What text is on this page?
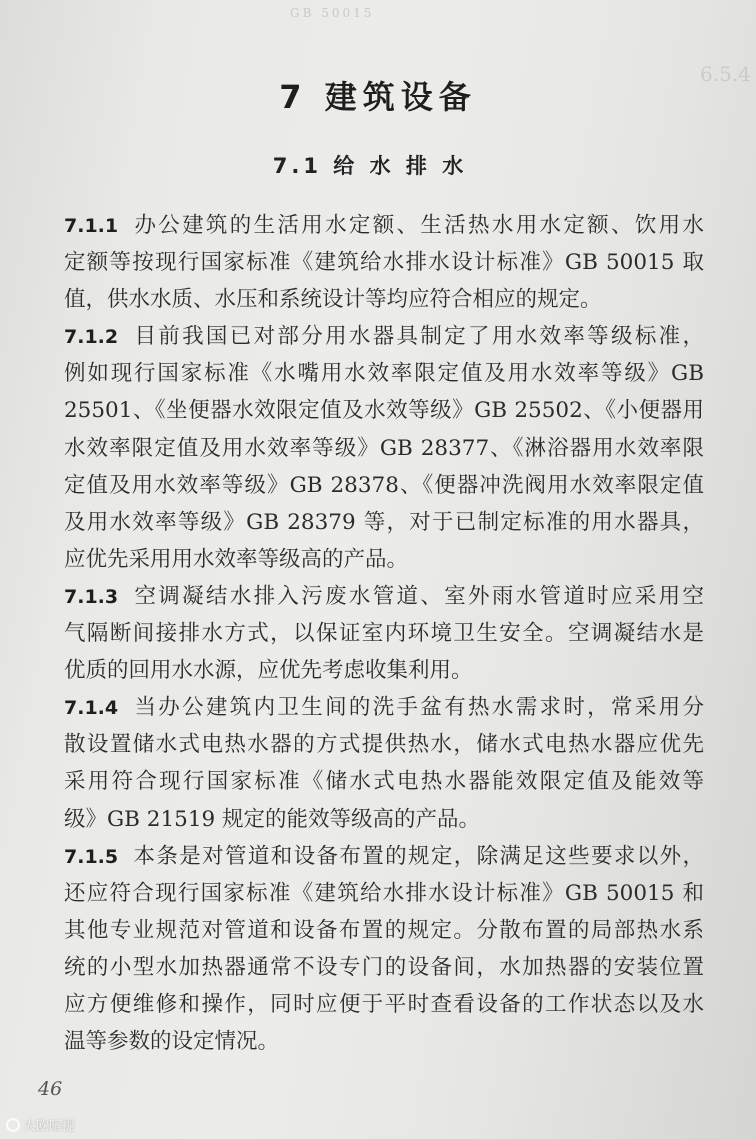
GB 50015
6.5.4
7 建筑设备
7.1 给 水 排 水
7.1.1 办公建筑的生活用水定额、生活热水用水定额、饮用水
定额等按现行国家标准《建筑给水排水设计标准》GB 50015 取
值，供水水质、水压和系统设计等均应符合相应的规定。
7.1.2 目前我国已对部分用水器具制定了用水效率等级标准，
例如现行国家标准《水嘴用水效率限定值及用水效率等级》GB
25501、《坐便器水效限定值及水效等级》GB 25502、《小便器用
水效率限定值及用水效率等级》GB 28377、《淋浴器用水效率限
定值及用水效率等级》GB 28378、《便器冲洗阀用水效率限定值
及用水效率等级》GB 28379 等，对于已制定标准的用水器具，
应优先采用用水效率等级高的产品。
7.1.3 空调凝结水排入污废水管道、室外雨水管道时应采用空
气隔断间接排水方式，以保证室内环境卫生安全。空调凝结水是
优质的回用水水源，应优先考虑收集利用。
7.1.4 当办公建筑内卫生间的洗手盆有热水需求时，常采用分
散设置储水式电热水器的方式提供热水，储水式电热水器应优先
采用符合现行国家标准《储水式电热水器能效限定值及能效等
级》GB 21519 规定的能效等级高的产品。
7.1.5 本条是对管道和设备布置的规定，除满足这些要求以外，
还应符合现行国家标准《建筑给水排水设计标准》GB 50015 和
其他专业规范对管道和设备布置的规定。分散布置的局部热水系
统的小型水加热器通常不设专门的设备间，水加热器的安装位置
应方便维修和操作，同时应便于平时查看设备的工作状态以及水
温等参数的设定情况。
46
大欧暗提
